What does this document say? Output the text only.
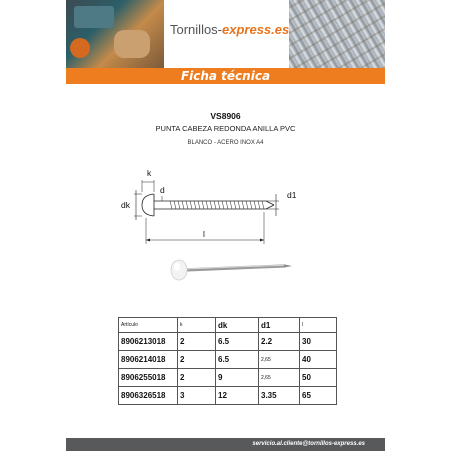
Tornillos-express.es
Ficha técnica
VS8906
PUNTA CABEZA REDONDA ANILLA PVC
BLANCO - ACERO INOX A4
k
d
dk
d1
l
Artículo	k	dk	d1	l
8906213018	2	6.5	2.2	30
8906214018	2	6.5	2,65	40
8906255018	2	9	2,65	50
8906326518	3	12	3.35	65
servicio.al.cliente@tornillos-express.es
